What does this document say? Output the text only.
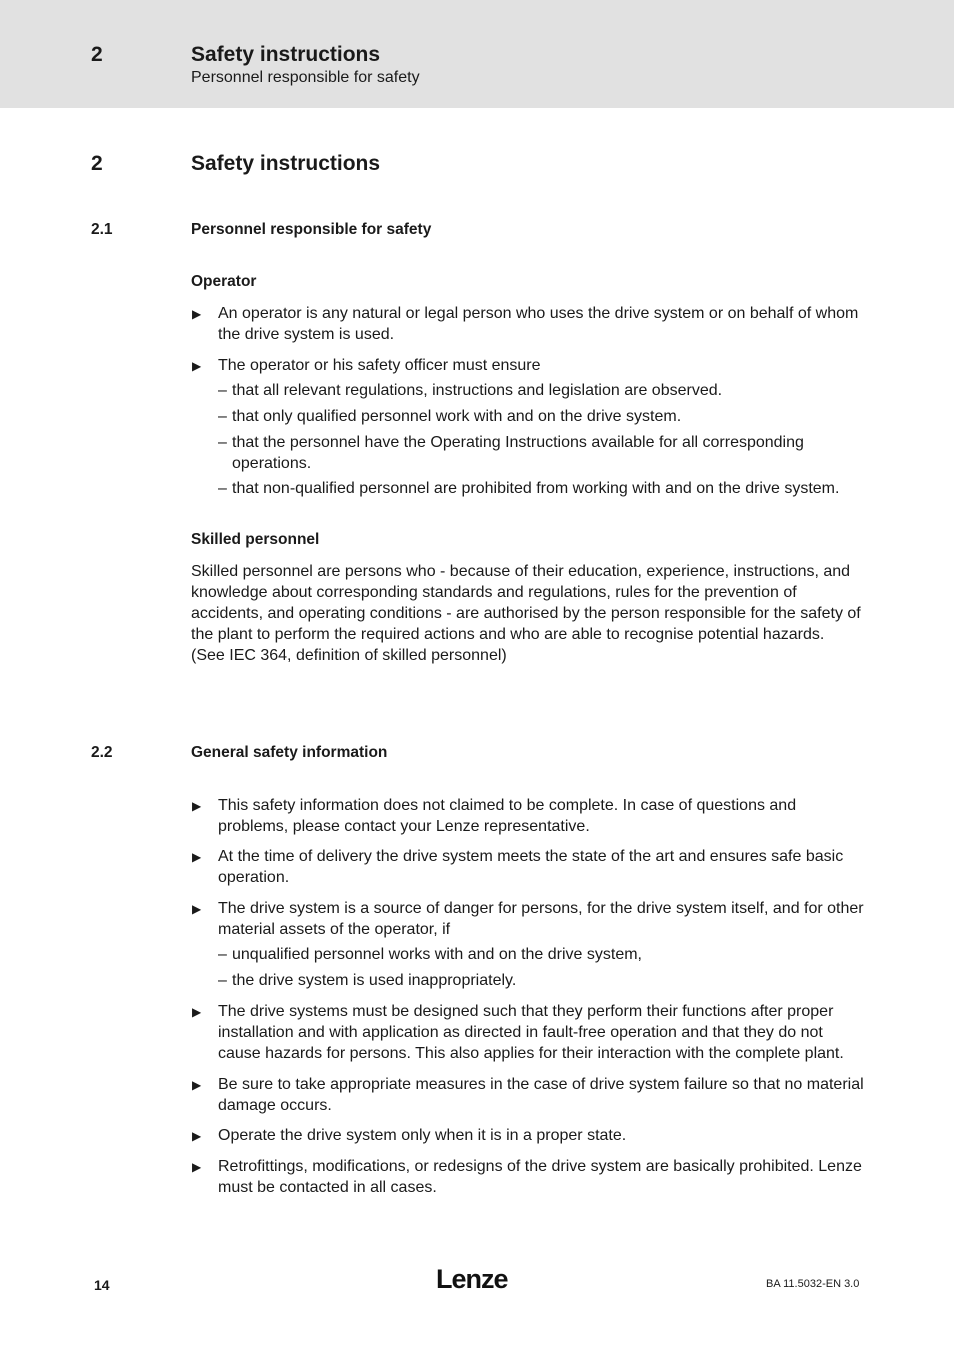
2	Safety instructions
Personnel responsible for safety
2	Safety instructions
2.1	Personnel responsible for safety
Operator

▶ An operator is any natural or legal person who uses the drive system or on behalf of whom the drive system is used.

▶ The operator or his safety officer must ensure

– that all relevant regulations, instructions and legislation are observed.

– that only qualified personnel work with and on the drive system.

– that the personnel have the Operating Instructions available for all corresponding operations.

– that non-qualified personnel are prohibited from working with and on the drive system.

Skilled personnel

Skilled personnel are persons who - because of their education, experience, instructions, and knowledge about corresponding standards and regulations, rules for the prevention of accidents, and operating conditions - are authorised by the person responsible for the safety of the plant to perform the required actions and who are able to recognise potential hazards.

(See IEC 364, definition of skilled personnel)

2.2	General safety information

▶ This safety information does not claimed to be complete. In case of questions and problems, please contact your Lenze representative.

▶ At the time of delivery the drive system meets the state of the art and ensures safe basic operation.

▶ The drive system is a source of danger for persons, for the drive system itself, and for other material assets of the operator, if

– unqualified personnel works with and on the drive system,

– the drive system is used inappropriately.

▶ The drive systems must be designed such that they perform their functions after proper installation and with application as directed in fault-free operation and that they do not cause hazards for persons. This also applies for their interaction with the complete plant.

▶ Be sure to take appropriate measures in the case of drive system failure so that no material damage occurs.

▶ Operate the drive system only when it is in a proper state.

▶ Retrofittings, modifications, or redesigns of the drive system are basically prohibited. Lenze must be contacted in all cases.

14	Lenze	BA 11.5032-EN 3.0
